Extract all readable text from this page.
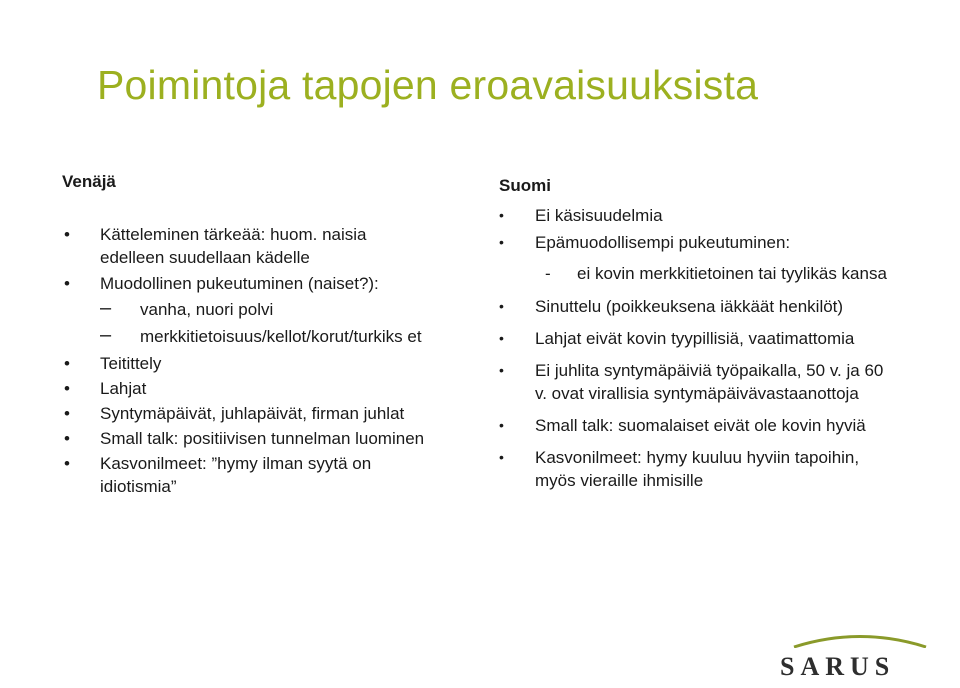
Poimintoja tapojen eroavaisuuksista

Venäjä

• Kätteleminen tärkeää: huom. naisia edelleen suudellaan kädelle
• Muodollinen pukeutuminen (naiset?):
– vanha, nuori polvi
– merkkitietoisuus/kellot/korut/turkiks et
• Teitittely
• Lahjat
• Syntymäpäivät, juhlapäivät, firman juhlat
• Small talk: positiivisen tunnelman luominen
• Kasvonilmeet: ”hymy ilman syytä on idiotismia”

Suomi

• Ei käsisuudelmia
• Epämuodollisempi pukeutuminen:
- ei kovin merkkitietoinen tai tyylikäs kansa
• Sinuttelu (poikkeuksena iäkkäät henkilöt)
• Lahjat eivät kovin tyypillisiä, vaatimattomia
• Ei juhlita syntymäpäiviä työpaikalla, 50 v. ja 60 v. ovat virallisia syntymäpäivävastaanottoja
• Small talk: suomalaiset eivät ole kovin hyviä
• Kasvonilmeet: hymy kuuluu hyviin tapoihin, myös vieraille ihmisille
SARUS
